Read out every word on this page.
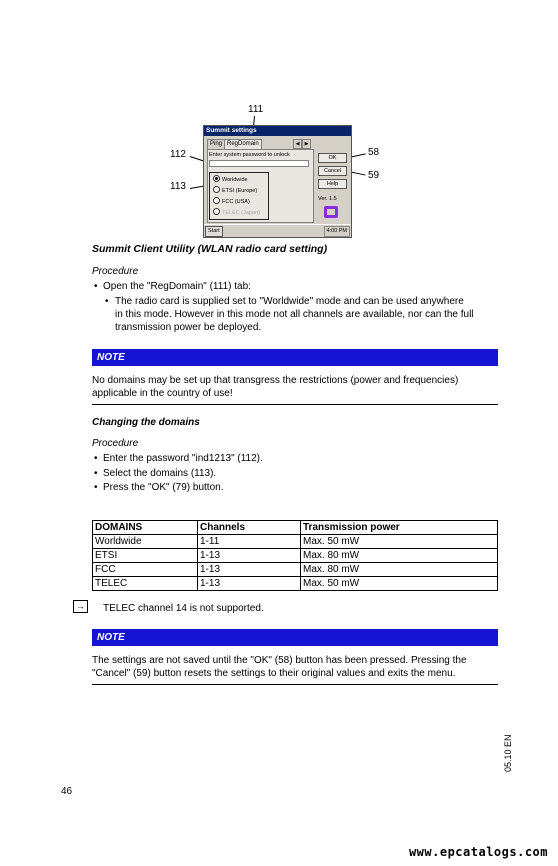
111
112
113
58
59
Summit settings
Ping RegDomain	◀	▶
Enter system password to unlock
Worldwide
ETSI (Europe)
FCC (USA)
TELEC (Japan)
OK
Cancel
Help
Ver. 1.5
Start	4:00 PM
Summit Client Utility (WLAN radio card setting)
Procedure
• Open the "RegDomain" (111) tab:
• The radio card is supplied set to "Worldwide" mode and can be used anywhere
in this mode. However in this mode not all channels are available, nor can the full
transmission power be deployed.
NOTE
No domains may be set up that transgress the restrictions (power and frequencies)
applicable in the country of use!
Changing the domains
Procedure
• Enter the password "ind1213" (112).
• Select the domains (113).
• Press the "OK" (79) button.
DOMAINS	Channels	Transmission power
Worldwide	1-11	Max. 50 mW
ETSI	1-13	Max. 80 mW
FCC	1-13	Max. 80 mW
TELEC	1-13	Max. 50 mW
→	TELEC channel 14 is not supported.
NOTE
The settings are not saved until the "OK" (58) button has been pressed. Pressing the
"Cancel" (59) button resets the settings to their original values and exits the menu.
05.10 EN
46
www.epcatalogs.com
